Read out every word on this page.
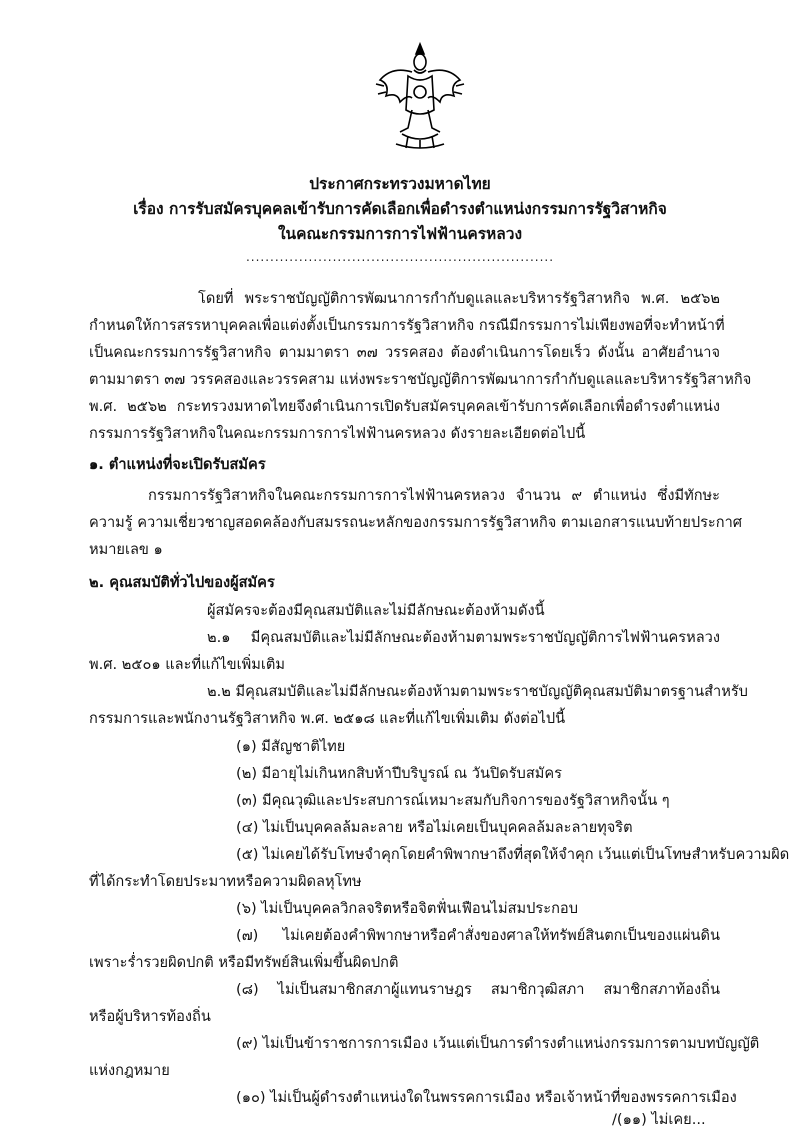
ประกาศกระทรวงมหาดไทย
เรื่อง การรับสมัครบุคคลเข้ารับการคัดเลือกเพื่อดำรงตำแหน่งกรรมการรัฐวิสาหกิจ
ในคณะกรรมการการไฟฟ้านครหลวง
................................................................
โดยที่ พระราชบัญญัติการพัฒนาการกำกับดูแลและบริหารรัฐวิสาหกิจ พ.ศ. ๒๕๖๒
กำหนดให้การสรรหาบุคคลเพื่อแต่งตั้งเป็นกรรมการรัฐวิสาหกิจ กรณีมีกรรมการไม่เพียงพอที่จะทำหน้าที่
เป็นคณะกรรมการรัฐวิสาหกิจ ตามมาตรา ๓๗ วรรคสอง ต้องดำเนินการโดยเร็ว ดังนั้น อาศัยอำนาจ
ตามมาตรา ๓๗ วรรคสองและวรรคสาม แห่งพระราชบัญญัติการพัฒนาการกำกับดูแลและบริหารรัฐวิสาหกิจ
พ.ศ. ๒๕๖๒ กระทรวงมหาดไทยจึงดำเนินการเปิดรับสมัครบุคคลเข้ารับการคัดเลือกเพื่อดำรงตำแหน่ง
กรรมการรัฐวิสาหกิจในคณะกรรมการการไฟฟ้านครหลวง ดังรายละเอียดต่อไปนี้
๑. ตำแหน่งที่จะเปิดรับสมัคร
กรรมการรัฐวิสาหกิจในคณะกรรมการการไฟฟ้านครหลวง จำนวน ๙ ตำแหน่ง ซึ่งมีทักษะ
ความรู้ ความเชี่ยวชาญสอดคล้องกับสมรรถนะหลักของกรรมการรัฐวิสาหกิจ ตามเอกสารแนบท้ายประกาศ
หมายเลข ๑
๒. คุณสมบัติทั่วไปของผู้สมัคร
ผู้สมัครจะต้องมีคุณสมบัติและไม่มีลักษณะต้องห้ามดังนี้
๒.๑ มีคุณสมบัติและไม่มีลักษณะต้องห้ามตามพระราชบัญญัติการไฟฟ้านครหลวง
พ.ศ. ๒๕๐๑ และที่แก้ไขเพิ่มเติม
๒.๒ มีคุณสมบัติและไม่มีลักษณะต้องห้ามตามพระราชบัญญัติคุณสมบัติมาตรฐานสำหรับ
กรรมการและพนักงานรัฐวิสาหกิจ พ.ศ. ๒๕๑๘ และที่แก้ไขเพิ่มเติม ดังต่อไปนี้
(๑) มีสัญชาติไทย
(๒) มีอายุไม่เกินหกสิบห้าปีบริบูรณ์ ณ วันปิดรับสมัคร
(๓) มีคุณวุฒิและประสบการณ์เหมาะสมกับกิจการของรัฐวิสาหกิจนั้น ๆ
(๔) ไม่เป็นบุคคลล้มละลาย หรือไม่เคยเป็นบุคคลล้มละลายทุจริต
(๕) ไม่เคยได้รับโทษจำคุกโดยคำพิพากษาถึงที่สุดให้จำคุก เว้นแต่เป็นโทษสำหรับความผิด
ที่ได้กระทำโดยประมาทหรือความผิดลหุโทษ
(๖) ไม่เป็นบุคคลวิกลจริตหรือจิตฟั่นเฟือนไม่สมประกอบ
(๗) ไม่เคยต้องคำพิพากษาหรือคำสั่งของศาลให้ทรัพย์สินตกเป็นของแผ่นดิน
เพราะร่ำรวยผิดปกติ หรือมีทรัพย์สินเพิ่มขึ้นผิดปกติ
(๘) ไม่เป็นสมาชิกสภาผู้แทนราษฎร สมาชิกวุฒิสภา สมาชิกสภาท้องถิ่น
หรือผู้บริหารท้องถิ่น
(๙) ไม่เป็นข้าราชการการเมือง เว้นแต่เป็นการดำรงตำแหน่งกรรมการตามบทบัญญัติ
แห่งกฎหมาย
(๑๐) ไม่เป็นผู้ดำรงตำแหน่งใดในพรรคการเมือง หรือเจ้าหน้าที่ของพรรคการเมือง
/(๑๑) ไม่เคย...
